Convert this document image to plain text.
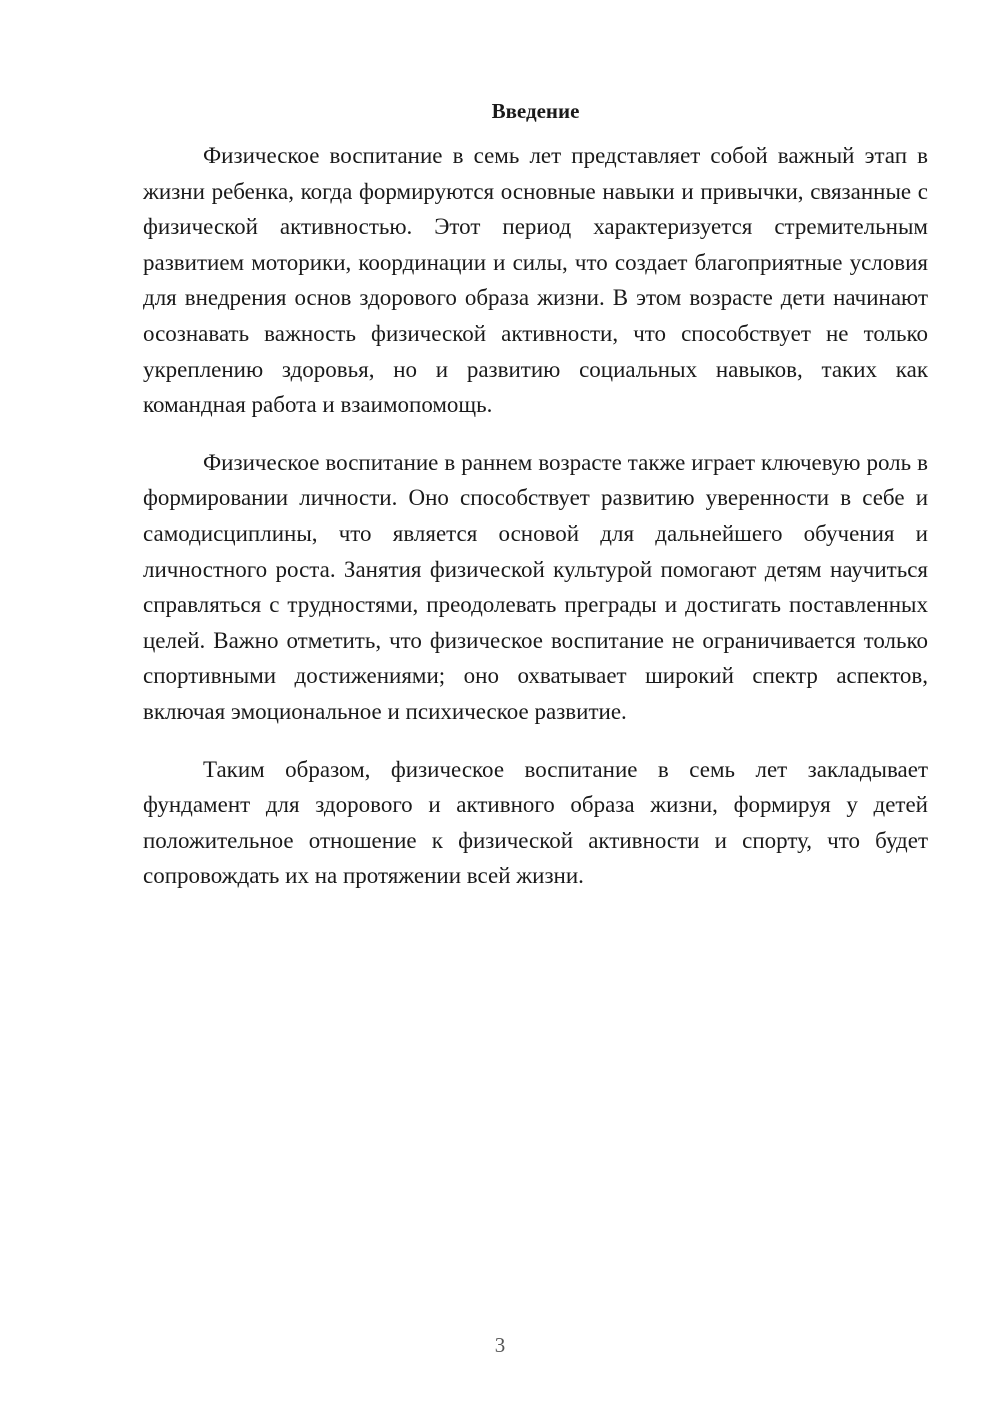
Введение

Физическое воспитание в семь лет представляет собой важный этап в жизни ребенка, когда формируются основные навыки и привычки, связанные с физической активностью. Этот период характеризуется стремительным развитием моторики, координации и силы, что создает благоприятные условия для внедрения основ здорового образа жизни. В этом возрасте дети начинают осознавать важность физической активности, что способствует не только укреплению здоровья, но и развитию социальных навыков, таких как командная работа и взаимопомощь.

Физическое воспитание в раннем возрасте также играет ключевую роль в формировании личности. Оно способствует развитию уверенности в себе и самодисциплины, что является основой для дальнейшего обучения и личностного роста. Занятия физической культурой помогают детям научиться справляться с трудностями, преодолевать преграды и достигать поставленных целей. Важно отметить, что физическое воспитание не ограничивается только спортивными достижениями; оно охватывает широкий спектр аспектов, включая эмоциональное и психическое развитие.

Таким образом, физическое воспитание в семь лет закладывает фундамент для здорового и активного образа жизни, формируя у детей положительное отношение к физической активности и спорту, что будет сопровождать их на протяжении всей жизни.

3
